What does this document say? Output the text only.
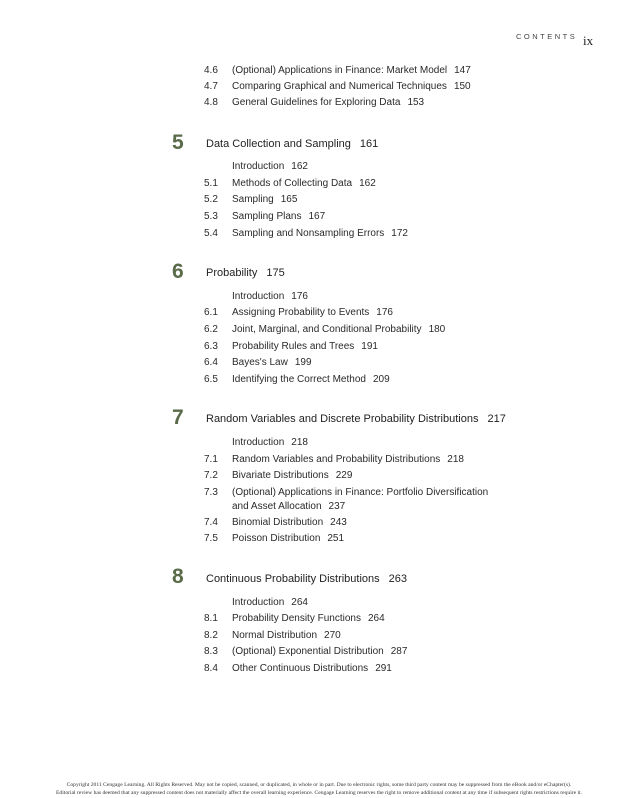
CONTENTS ix
4.6 (Optional) Applications in Finance: Market Model 147
4.7 Comparing Graphical and Numerical Techniques 150
4.8 General Guidelines for Exploring Data 153
5 Data Collection and Sampling 161
Introduction 162
5.1 Methods of Collecting Data 162
5.2 Sampling 165
5.3 Sampling Plans 167
5.4 Sampling and Nonsampling Errors 172
6 Probability 175
Introduction 176
6.1 Assigning Probability to Events 176
6.2 Joint, Marginal, and Conditional Probability 180
6.3 Probability Rules and Trees 191
6.4 Bayes's Law 199
6.5 Identifying the Correct Method 209
7 Random Variables and Discrete Probability Distributions 217
Introduction 218
7.1 Random Variables and Probability Distributions 218
7.2 Bivariate Distributions 229
7.3 (Optional) Applications in Finance: Portfolio Diversification
and Asset Allocation 237
7.4 Binomial Distribution 243
7.5 Poisson Distribution 251
8 Continuous Probability Distributions 263
Introduction 264
8.1 Probability Density Functions 264
8.2 Normal Distribution 270
8.3 (Optional) Exponential Distribution 287
8.4 Other Continuous Distributions 291
Copyright 2011 Cengage Learning. All Rights Reserved. May not be copied, scanned, or duplicated, in whole or in part. Due to electronic rights, some third party content may be suppressed from the eBook and/or eChapter(s).
Editorial review has deemed that any suppressed content does not materially affect the overall learning experience. Cengage Learning reserves the right to remove additional content at any time if subsequent rights restrictions require it.
